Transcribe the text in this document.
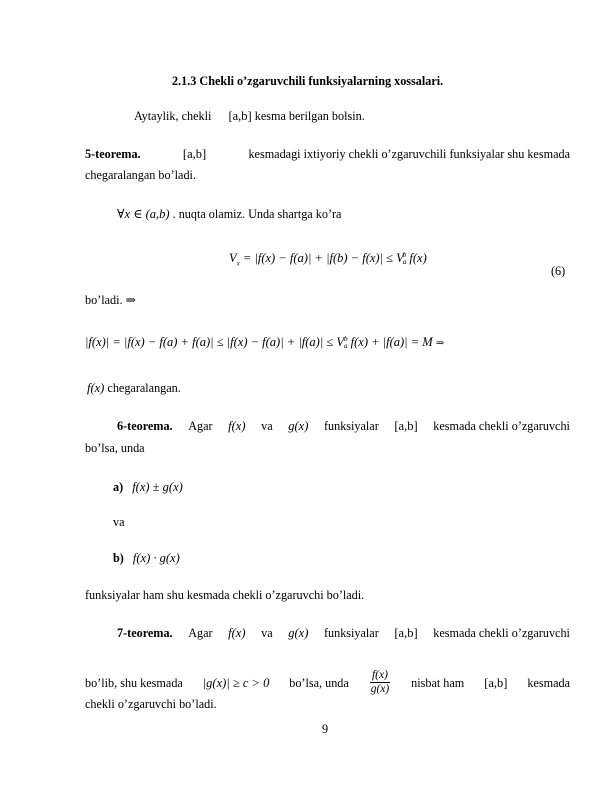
2.1.3 Chekli o’zgaruvchili funksiyalarning xossalari.
Aytaylik, chekli [a,b] kesma berilgan bolsin.
5-teorema.	[a,b]	kesmadagi ixtiyoriy chekli o’zgaruvchili funksiyalar shu kesmada
chegaralangan bo’ladi.
∀x ∈ (a,b) . nuqta olamiz. Unda shartga ko’ra
$V_x = |f(x) - f(a)| + |f(b) - f(x)| \le V$ b
a f(x)
(6)
bo’ladi. ⇒
|f(x)| = |f(x) − f(a) + f(a)| ≤ |f(x) − f(a)| + |f(a)| ≤ V b
a f(x) + |f(a)| = M ⇒
f(x) chegaralangan.
6-teorema. Agar f(x) va g(x) funksiyalar [a,b] kesmada chekli o’zgaruvchi
bo’lsa, unda
a) f(x) ± g(x)
va
b) f(x) · g(x)
funksiyalar ham shu kesmada chekli o’zgaruvchi bo’ladi.
7-teorema. Agar f(x) va g(x) funksiyalar [a,b] kesmada chekli o’zgaruvchi
bo’lib, shu kesmada |g(x)| ≥ c > 0 bo’lsa, unda $\frac{f(x)}{g(x)}$ nisbat ham [a,b] kesmada
chekli o’zgaruvchi bo’ladi.
9
